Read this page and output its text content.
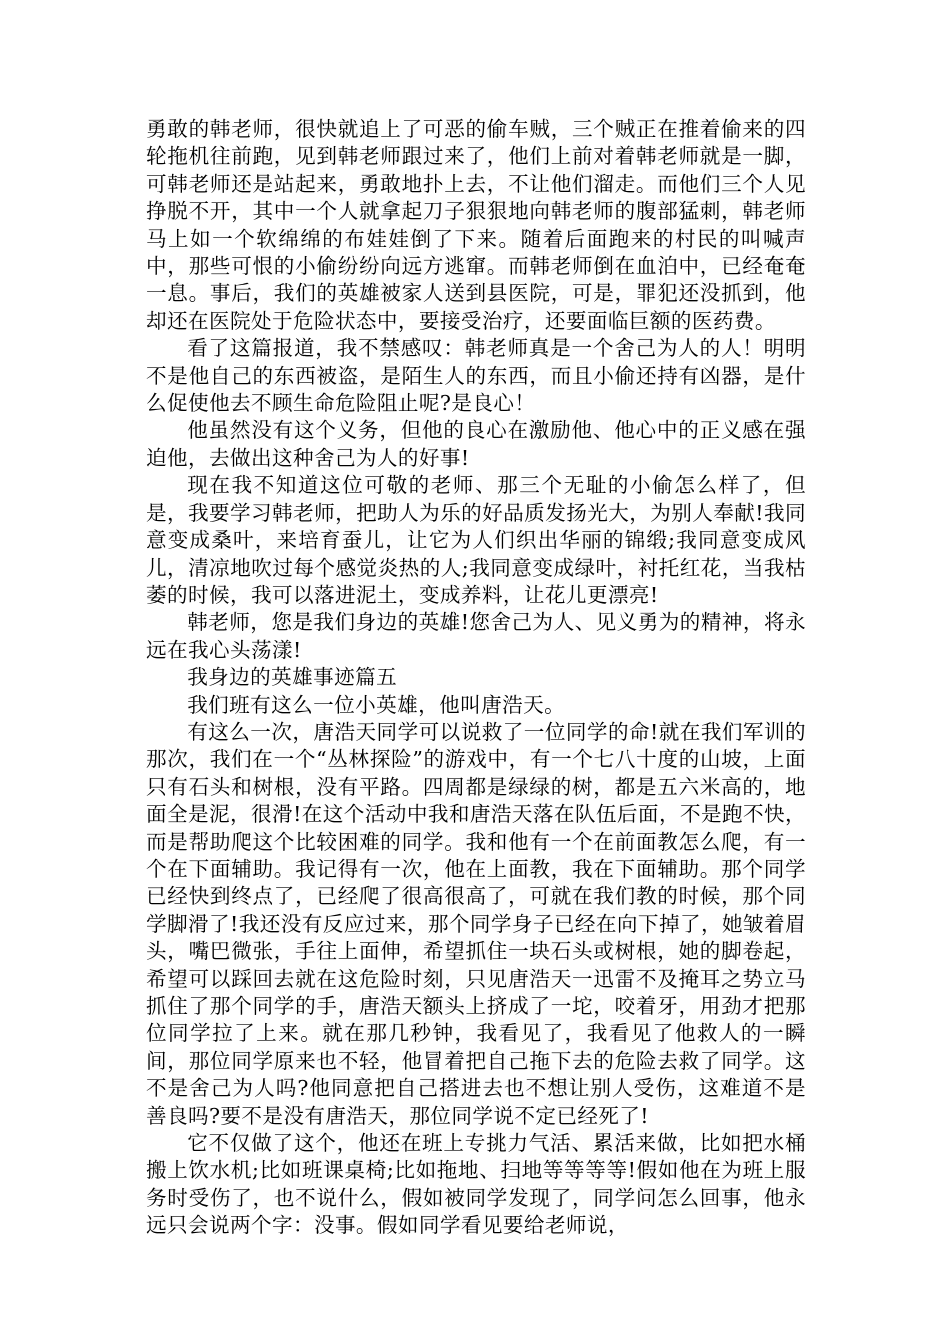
勇敢的韩老师，很快就追上了可恶的偷车贼，三个贼正在推着偷来的四轮拖机往前跑，见到韩老师跟过来了，他们上前对着韩老师就是一脚，可韩老师还是站起来，勇敢地扑上去，不让他们溜走。而他们三个人见挣脱不开，其中一个人就拿起刀子狠狠地向韩老师的腹部猛刺，韩老师马上如一个软绵绵的布娃娃倒了下来。随着后面跑来的村民的叫喊声中，那些可恨的小偷纷纷向远方逃窜。而韩老师倒在血泊中，已经奄奄一息。事后，我们的英雄被家人送到县医院，可是，罪犯还没抓到，他却还在医院处于危险状态中，要接受治疗，还要面临巨额的医药费。

看了这篇报道，我不禁感叹：韩老师真是一个舍己为人的人！明明不是他自己的东西被盗，是陌生人的东西，而且小偷还持有凶器，是什么促使他去不顾生命危险阻止呢?是良心！

他虽然没有这个义务，但他的良心在激励他、他心中的正义感在强迫他，去做出这种舍己为人的好事!

现在我不知道这位可敬的老师、那三个无耻的小偷怎么样了，但是，我要学习韩老师，把助人为乐的好品质发扬光大，为别人奉献!我同意变成桑叶，来培育蚕儿，让它为人们织出华丽的锦缎;我同意变成风儿，清凉地吹过每个感觉炎热的人;我同意变成绿叶，衬托红花，当我枯萎的时候，我可以落进泥土，变成养料，让花儿更漂亮!

韩老师，您是我们身边的英雄!您舍己为人、见义勇为的精神，将永远在我心头荡漾!

我身边的英雄事迹篇五

我们班有这么一位小英雄，他叫唐浩天。

有这么一次，唐浩天同学可以说救了一位同学的命!就在我们军训的那次，我们在一个“丛林探险”的游戏中，有一个七八十度的山坡，上面只有石头和树根，没有平路。四周都是绿绿的树，都是五六米高的，地面全是泥，很滑!在这个活动中我和唐浩天落在队伍后面，不是跑不快，而是帮助爬这个比较困难的同学。我和他有一个在前面教怎么爬，有一个在下面辅助。我记得有一次，他在上面教，我在下面辅助。那个同学已经快到终点了，已经爬了很高很高了，可就在我们教的时候，那个同学脚滑了!我还没有反应过来，那个同学身子已经在向下掉了，她皱着眉头，嘴巴微张，手往上面伸，希望抓住一块石头或树根，她的脚卷起，希望可以踩回去就在这危险时刻，只见唐浩天一迅雷不及掩耳之势立马抓住了那个同学的手，唐浩天额头上挤成了一坨，咬着牙，用劲才把那位同学拉了上来。就在那几秒钟，我看见了，我看见了他救人的一瞬间，那位同学原来也不轻，他冒着把自己拖下去的危险去救了同学。这不是舍己为人吗?他同意把自己搭进去也不想让别人受伤，这难道不是善良吗?要不是没有唐浩天，那位同学说不定已经死了!

它不仅做了这个，他还在班上专挑力气活、累活来做，比如把水桶搬上饮水机;比如班课桌椅;比如拖地、扫地等等等等!假如他在为班上服务时受伤了，也不说什么，假如被同学发现了，同学问怎么回事，他永远只会说两个字：没事。假如同学看见要给老师说，
